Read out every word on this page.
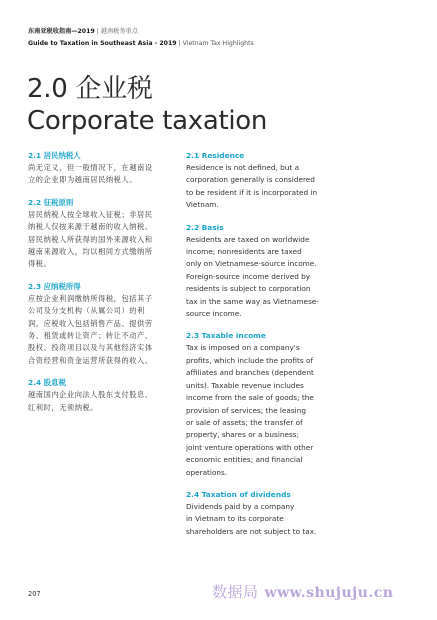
东南亚税收指南—2019 | 越南税务重点
Guide to Taxation in Southeast Asia - 2019 | Vietnam Tax Highlights
2.0 企业税
Corporate taxation
2.1 居民纳税人
尚无定义，但一般情况下，在越南设
立的企业即为越南居民纳税人。
2.2 征税原则
居民纳税人按全球收入征税；非居民
纳税人仅按来源于越南的收入纳税。
居民纳税人所获得的国外来源收入和
越南来源收入，均以相同方式缴纳所
得税。
2.3 应纳税所得
应按企业利润缴纳所得税，包括其子
公司及分支机构（从属公司）的利
润。应税收入包括销售产品、提供劳
务、租赁或转让资产；转让不动产、
股权、投资项目以及与其他经济实体
合资经营和资金运营所获得的收入。
2.4 股息税
越南国内企业向法人股东支付股息、
红利时，无须纳税。
2.1 Residence
Residence is not defined, but a
corporation generally is considered
to be resident if it is incorporated in
Vietnam.
2.2 Basis
Residents are taxed on worldwide
income; nonresidents are taxed
only on Vietnamese-source income.
Foreign-source income derived by
residents is subject to corporation
tax in the same way as Vietnamese-
source income.
2.3 Taxable income
Tax is imposed on a company's
profits, which include the profits of
affiliates and branches (dependent
units). Taxable revenue includes
income from the sale of goods; the
provision of services; the leasing
or sale of assets; the transfer of
property, shares or a business;
joint venture operations with other
economic entities; and financial
operations.
2.4 Taxation of dividends
Dividends paid by a company
in Vietnam to its corporate
shareholders are not subject to tax.
207	数据局 www.shujuju.cn
